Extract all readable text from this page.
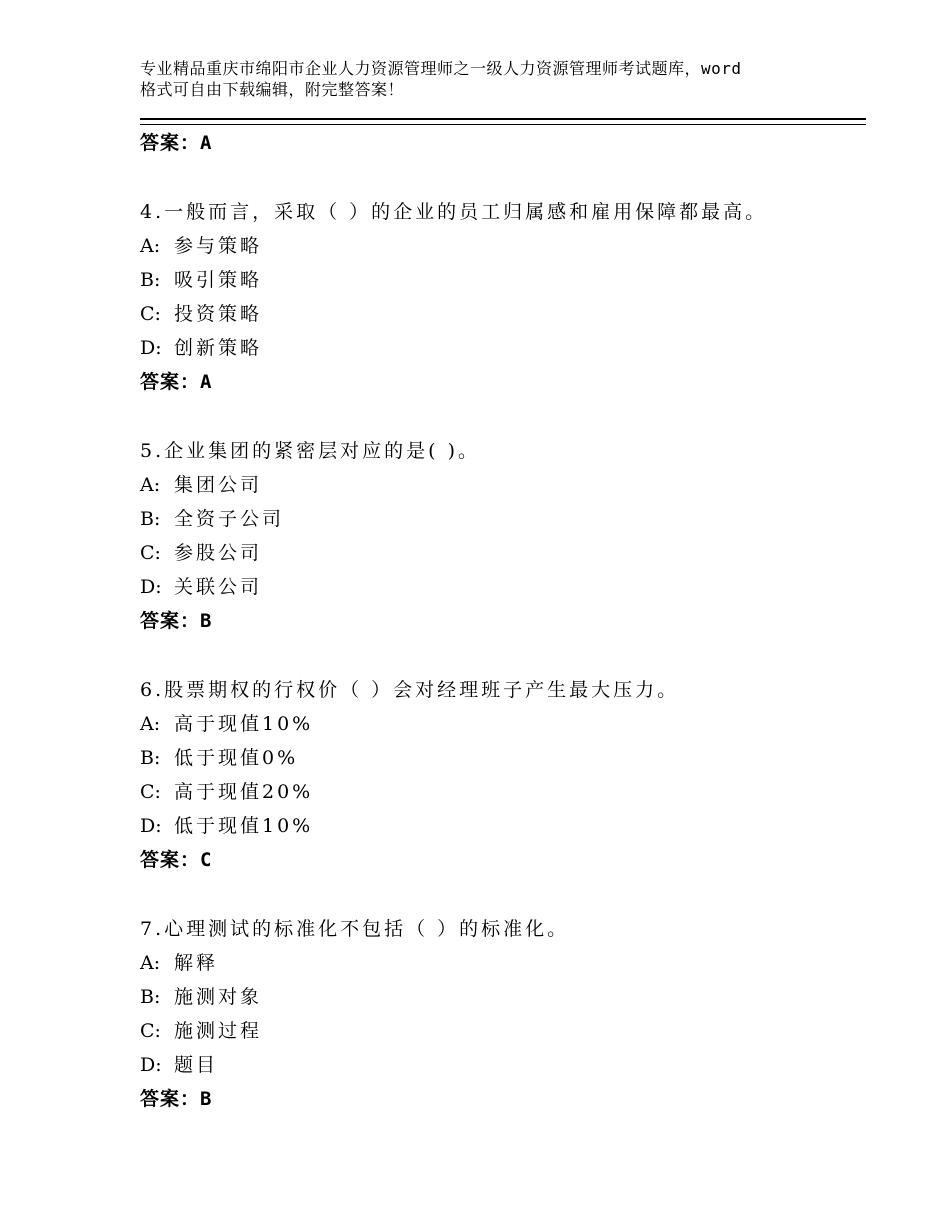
专业精品重庆市绵阳市企业人力资源管理师之一级人力资源管理师考试题库，word
格式可自由下载编辑，附完整答案！
答案：A
4.一般而言，采取（ ）的企业的员工归属感和雇用保障都最高。
A: 参与策略
B: 吸引策略
C: 投资策略
D: 创新策略
答案：A
5.企业集团的紧密层对应的是( )。
A: 集团公司
B: 全资子公司
C: 参股公司
D: 关联公司
答案：B
6.股票期权的行权价（ ）会对经理班子产生最大压力。
A: 高于现值10%
B: 低于现值0%
C: 高于现值20%
D: 低于现值10%
答案：C
7.心理测试的标准化不包括（ ）的标准化。
A: 解释
B: 施测对象
C: 施测过程
D: 题目
答案：B
